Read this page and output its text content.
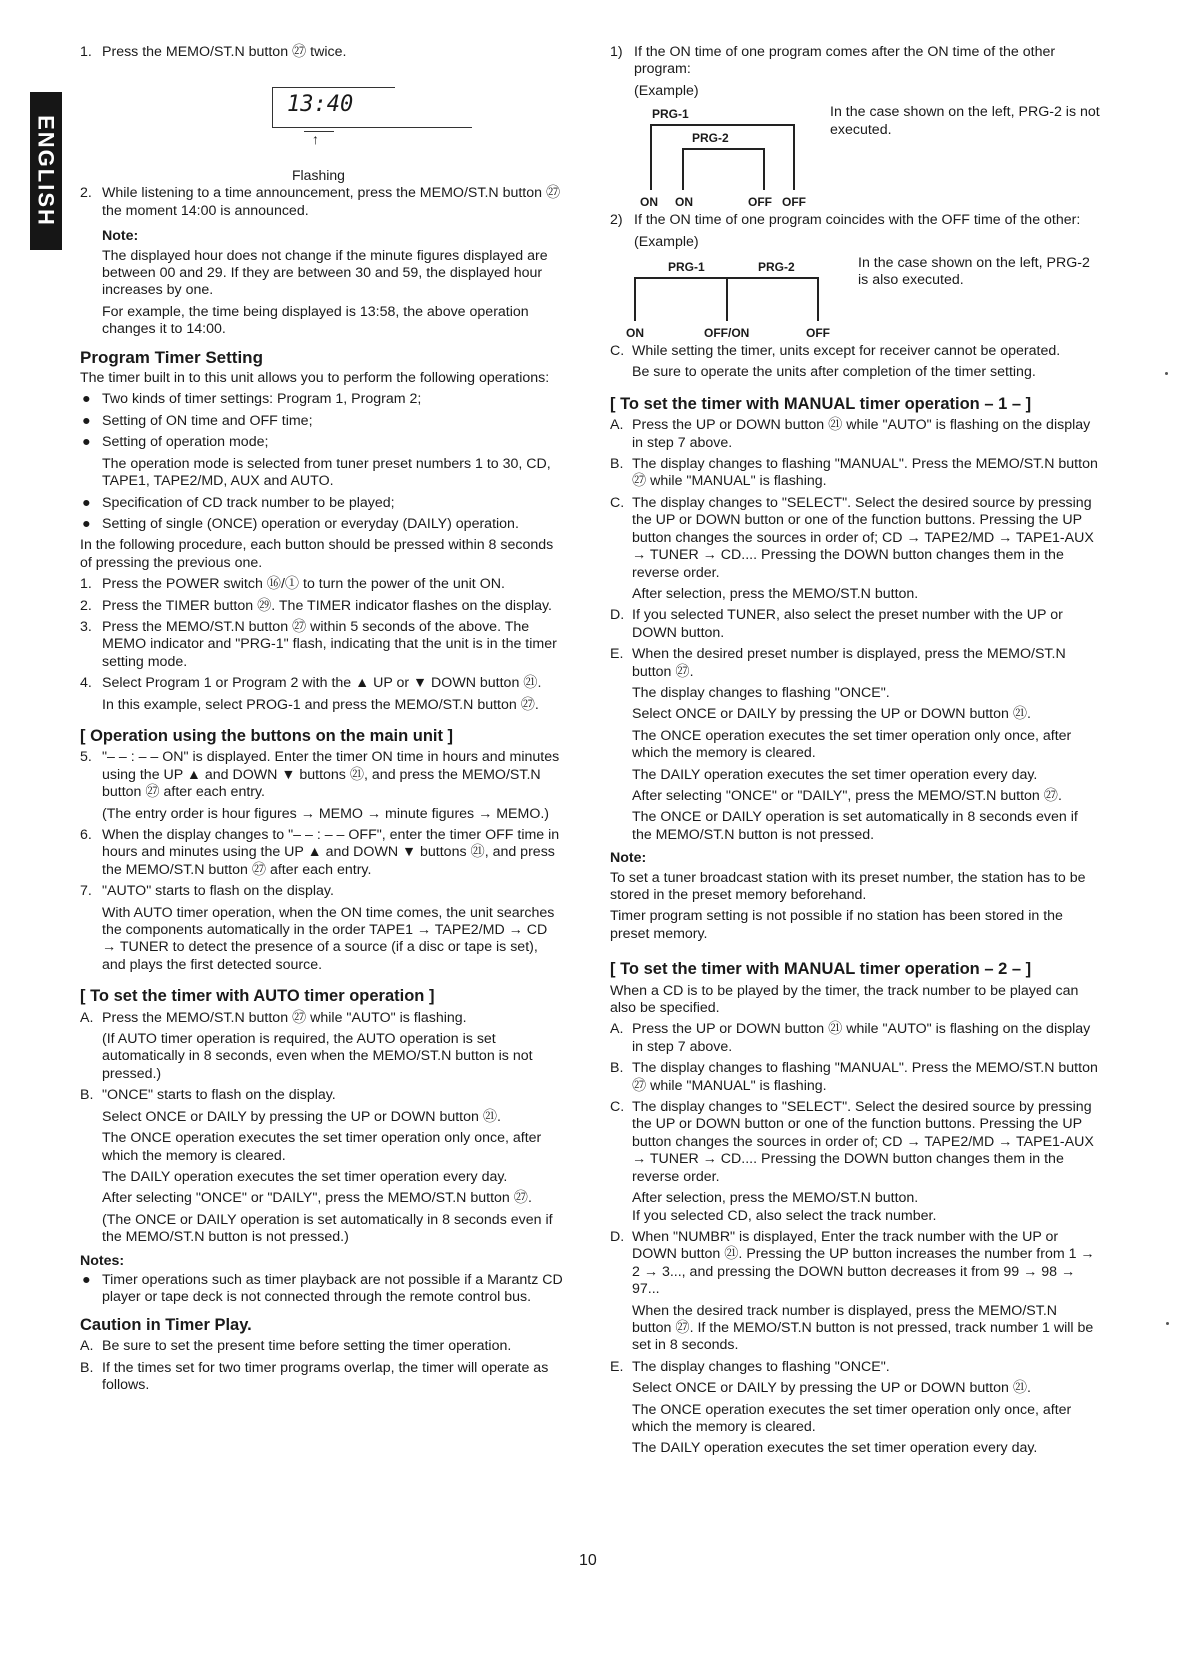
ENGLISH
1. Press the MEMO/ST.N button ㉗ twice.
13:40
↑
Flashing
2. While listening to a time announcement, press the MEMO/ST.N button ㉗ the moment 14:00 is announced.
Note:
The displayed hour does not change if the minute figures displayed are between 00 and 29. If they are between 30 and 59, the displayed hour increases by one.
For example, the time being displayed is 13:58, the above operation changes it to 14:00.
Program Timer Setting

The timer built in to this unit allows you to perform the following operations:

● Two kinds of timer settings: Program 1, Program 2;
● Setting of ON time and OFF time;
● Setting of operation mode;
The operation mode is selected from tuner preset numbers 1 to 30, CD, TAPE1, TAPE2/MD, AUX and AUTO.
● Specification of CD track number to be played;
● Setting of single (ONCE) operation or everyday (DAILY) operation.

In the following procedure, each button should be pressed within 8 seconds of pressing the previous one.

1. Press the POWER switch ⑯/① to turn the power of the unit ON.
2. Press the TIMER button ㉙. The TIMER indicator flashes on the display.
3. Press the MEMO/ST.N button ㉗ within 5 seconds of the above. The MEMO indicator and "PRG-1" flash, indicating that the unit is in the timer setting mode.
4. Select Program 1 or Program 2 with the ▲ UP or ▼ DOWN button ㉑.
In this example, select PROG-1 and press the MEMO/ST.N button ㉗.
[ Operation using the buttons on the main unit ]
5. "– – : – – ON" is displayed. Enter the timer ON time in hours and minutes using the UP ▲ and DOWN ▼ buttons ㉑, and press the MEMO/ST.N button ㉗ after each entry.
(The entry order is hour figures → MEMO → minute figures → MEMO.)
6. When the display changes to "– – : – – OFF", enter the timer OFF time in hours and minutes using the UP ▲ and DOWN ▼ buttons ㉑, and press the MEMO/ST.N button ㉗ after each entry.
7. "AUTO" starts to flash on the display.
With AUTO timer operation, when the ON time comes, the unit searches the components automatically in the order TAPE1 → TAPE2/MD → CD → TUNER to detect the presence of a source (if a disc or tape is set), and plays the first detected source.
[ To set the timer with AUTO timer operation ]
A. Press the MEMO/ST.N button ㉗ while "AUTO" is flashing.
(If AUTO timer operation is required, the AUTO operation is set automatically in 8 seconds, even when the MEMO/ST.N button is not pressed.)
B. "ONCE" starts to flash on the display.
Select ONCE or DAILY by pressing the UP or DOWN button ㉑.
The ONCE operation executes the set timer operation only once, after which the memory is cleared.
The DAILY operation executes the set timer operation every day.
After selecting "ONCE" or "DAILY", press the MEMO/ST.N button ㉗.
(The ONCE or DAILY operation is set automatically in 8 seconds even if the MEMO/ST.N button is not pressed.)
Notes:
● Timer operations such as timer playback are not possible if a Marantz CD player or tape deck is not connected through the remote control bus.
Caution in Timer Play.
A. Be sure to set the present time before setting the timer operation.
B. If the times set for two timer programs overlap, the timer will operate as follows.
1) If the ON time of one program comes after the ON time of the other program:
(Example)
PRG-1
PRG-2
In the case shown on the left, PRG-2 is not executed.
ON ON	OFF OFF
2) If the ON time of one program coincides with the OFF time of the other:
(Example)
PRG-1	PRG-2	In the case shown on the left, PRG-2 is also executed.
ON	OFF/ON	OFF
C. While setting the timer, units except for receiver cannot be operated.
Be sure to operate the units after completion of the timer setting.
[ To set the timer with MANUAL timer operation – 1 – ]
A. Press the UP or DOWN button ㉑ while "AUTO" is flashing on the display in step 7 above.
B. The display changes to flashing "MANUAL". Press the MEMO/ST.N button ㉗ while "MANUAL" is flashing.
C. The display changes to "SELECT". Select the desired source by pressing the UP or DOWN button or one of the function buttons. Pressing the UP button changes the sources in order of; CD → TAPE2/MD → TAPE1-AUX → TUNER → CD.... Pressing the DOWN button changes them in the reverse order.
After selection, press the MEMO/ST.N button.
D. If you selected TUNER, also select the preset number with the UP or DOWN button.
E. When the desired preset number is displayed, press the MEMO/ST.N button ㉗.
The display changes to flashing "ONCE".
Select ONCE or DAILY by pressing the UP or DOWN button ㉑.
The ONCE operation executes the set timer operation only once, after which the memory is cleared.
The DAILY operation executes the set timer operation every day.
After selecting "ONCE" or "DAILY", press the MEMO/ST.N button ㉗.
The ONCE or DAILY operation is set automatically in 8 seconds even if the MEMO/ST.N button is not pressed.
Note:

To set a tuner broadcast station with its preset number, the station has to be stored in the preset memory beforehand.

Timer program setting is not possible if no station has been stored in the preset memory.

[ To set the timer with MANUAL timer operation – 2 – ]

When a CD is to be played by the timer, the track number to be played can also be specified.

A. Press the UP or DOWN button ㉑ while "AUTO" is flashing on the display in step 7 above.
B. The display changes to flashing "MANUAL". Press the MEMO/ST.N button ㉗ while "MANUAL" is flashing.
C. The display changes to "SELECT". Select the desired source by pressing the UP or DOWN button or one of the function buttons. Pressing the UP button changes the sources in order of; CD → TAPE2/MD → TAPE1-AUX → TUNER → CD.... Pressing the DOWN button changes them in the reverse order.
After selection, press the MEMO/ST.N button.
If you selected CD, also select the track number.
D. When "NUMBR" is displayed, Enter the track number with the UP or DOWN button ㉑. Pressing the UP button increases the number from 1 → 2 → 3..., and pressing the DOWN button decreases it from 99 → 98 → 97...
When the desired track number is displayed, press the MEMO/ST.N button ㉗. If the MEMO/ST.N button is not pressed, track number 1 will be set in 8 seconds.
E. The display changes to flashing "ONCE".
Select ONCE or DAILY by pressing the UP or DOWN button ㉑.
The ONCE operation executes the set timer operation only once, after which the memory is cleared.
The DAILY operation executes the set timer operation every day.
10
